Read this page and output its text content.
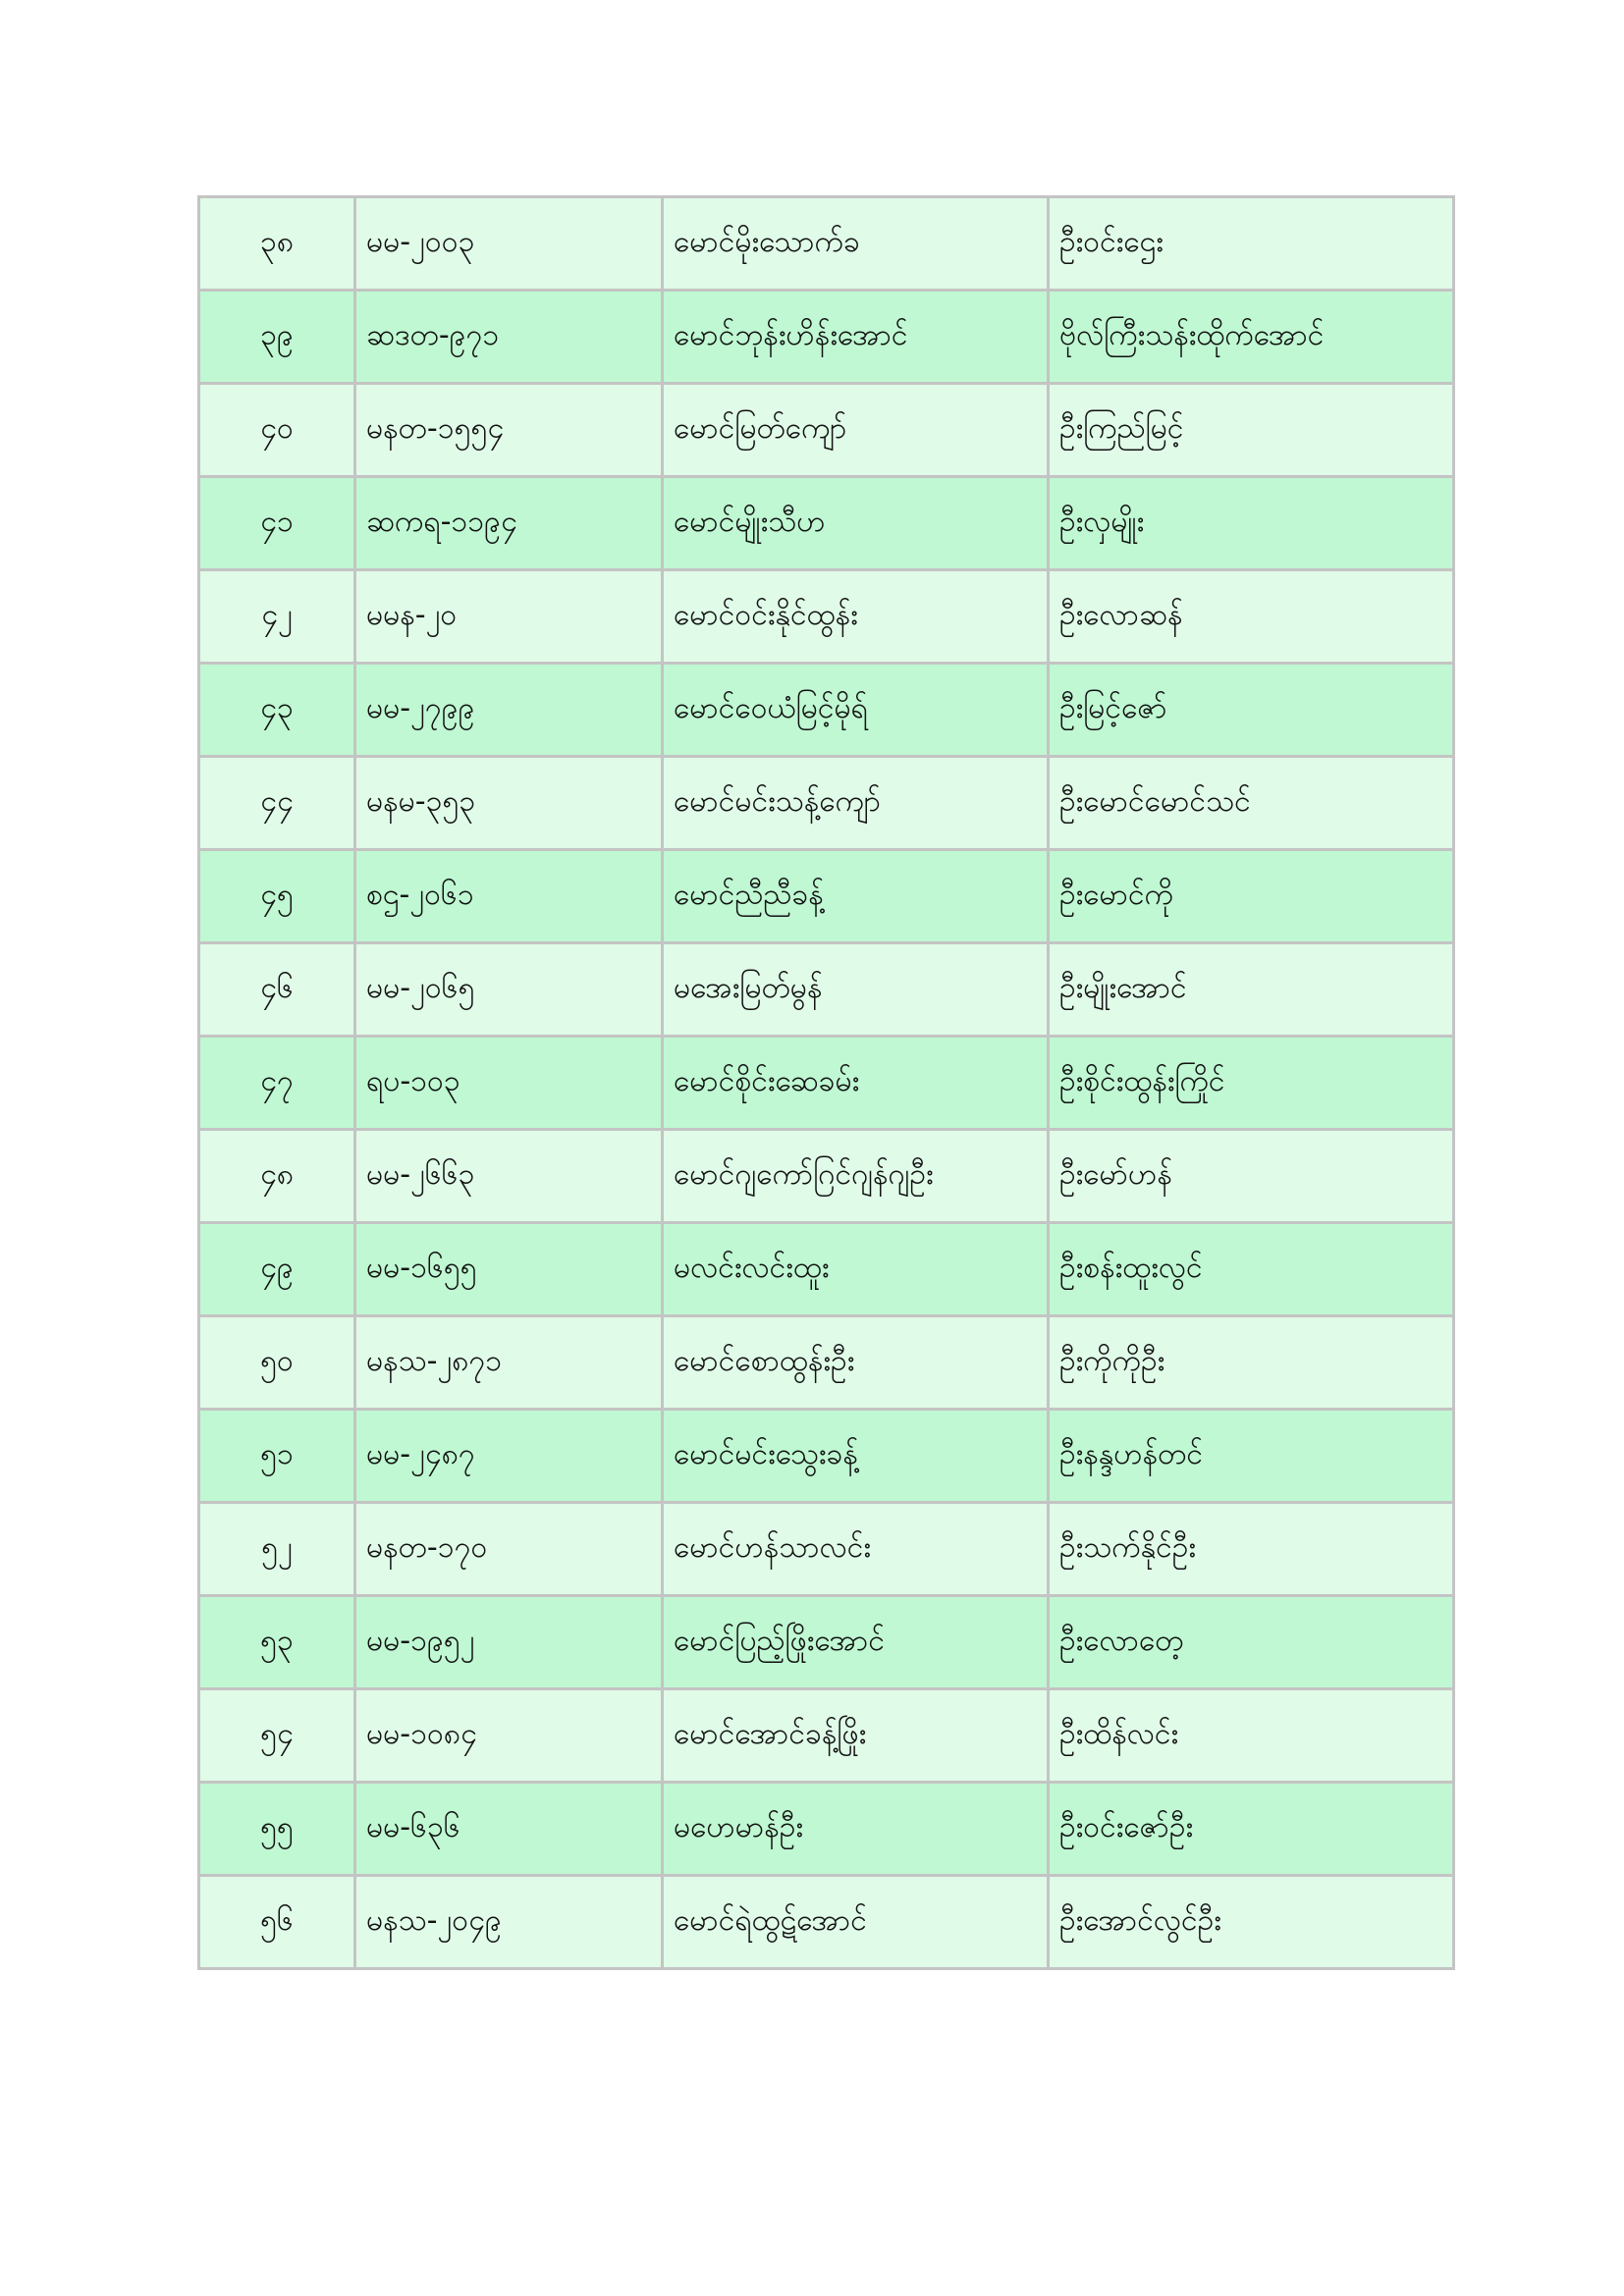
၃၈	မမ-၂၀၀၃	မောင်မိုးသောက်ခ	ဦးဝင်းဌေး
၃၉	ဆဒတ-၉၇၁	မောင်ဘုန်းဟိန်းအောင်	ဗိုလ်ကြီးသန်းထိုက်အောင်
၄၀	မနတ-၁၅၅၄	မောင်မြတ်ကျော်	ဦးကြည်မြင့်
၄၁	ဆကရ-၁၁၉၄	မောင်မျိုးသီဟ	ဦးလှမျိုး
၄၂	မမန-၂၀	မောင်ဝင်းနိုင်ထွန်း	ဦးလောဆန်
၄၃	မမ-၂၇၉၉	မောင်ဝေယံမြင့်မိုရ်	ဦးမြင့်ဇော်
၄၄	မနမ-၃၅၃	မောင်မင်းသန့်ကျော်	ဦးမောင်မောင်သင်
၄၅	စဌ-၂၀၆၁	မောင်ညီညီခန့်	ဦးမောင်ကို
၄၆	မမ-၂၀၆၅	မအေးမြတ်မွန်	ဦးမျိုးအောင်
၄၇	ရပ-၁၀၃	မောင်စိုင်းဆေခမ်း	ဦးစိုင်းထွန်းကြိုင်
၄၈	မမ-၂၆၆၃	မောင်ဂျကော်ဂြင်ဂျန်ဂျဦး	ဦးမော်ဟန်
၄၉	မမ-၁၆၅၅	မလင်းလင်းထူး	ဦးစန်းထူးလွင်
၅၀	မနသ-၂၈၇၁	မောင်စောထွန်းဦး	ဦးကိုကိုဦး
၅၁	မမ-၂၄၈၇	မောင်မင်းသွေးခန့်	ဦးနန္ဒဟန်တင်
၅၂	မနတ-၁၇၀	မောင်ဟန်သာလင်း	ဦးသက်နိုင်ဦး
၅၃	မမ-၁၉၅၂	မောင်ပြည့်ဖြိုးအောင်	ဦးလောတေ့
၅၄	မမ-၁၀၈၄	မောင်အောင်ခန့်ဖြိုး	ဦးထိန်လင်း
၅၅	မမ-၆၃၆	မဟေမာန်ဦး	ဦးဝင်းဇော်ဦး
၅၆	မနသ-၂၀၄၉	မောင်ရဲထွဋ်အောင်	ဦးအောင်လွင်ဦး
